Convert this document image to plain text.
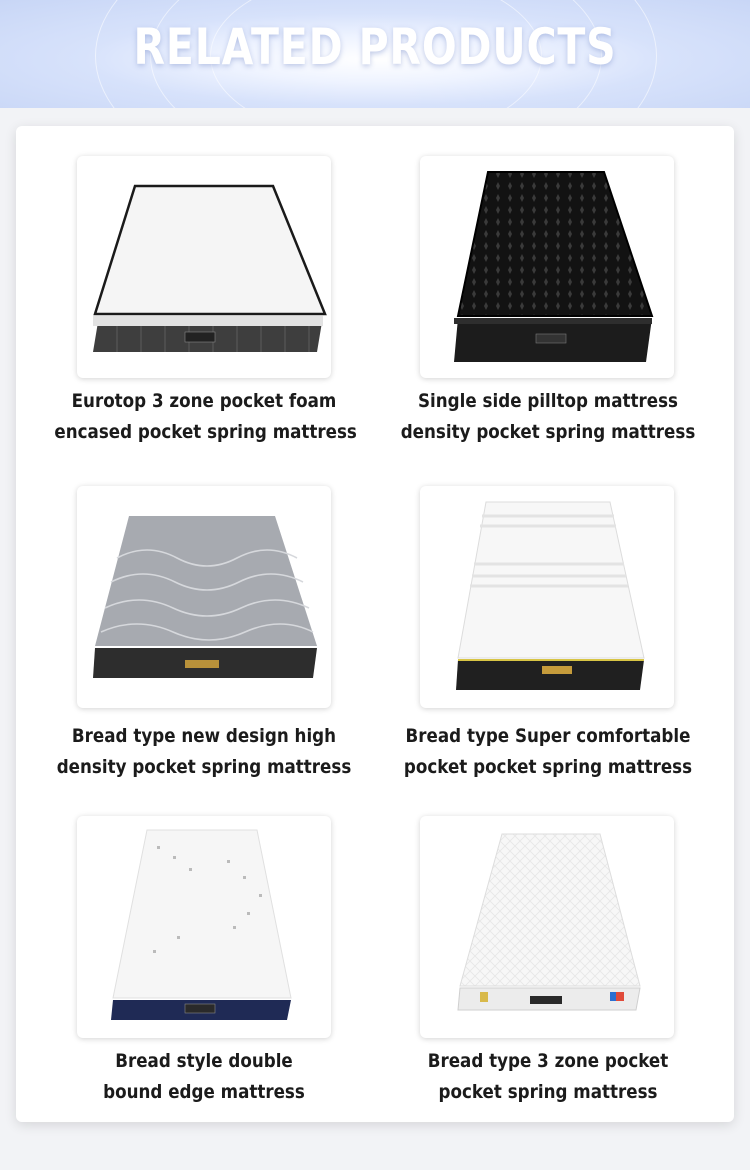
RELATED PRODUCTS
Eurotop 3 zone pocket foam
encased pocket spring mattress
Single side pilltop mattress
density pocket spring mattress
Bread type new design high
density pocket spring mattress
Bread type Super comfortable
pocket pocket spring mattress
Bread style double
bound edge mattress
Bread type 3 zone pocket
pocket spring mattress
